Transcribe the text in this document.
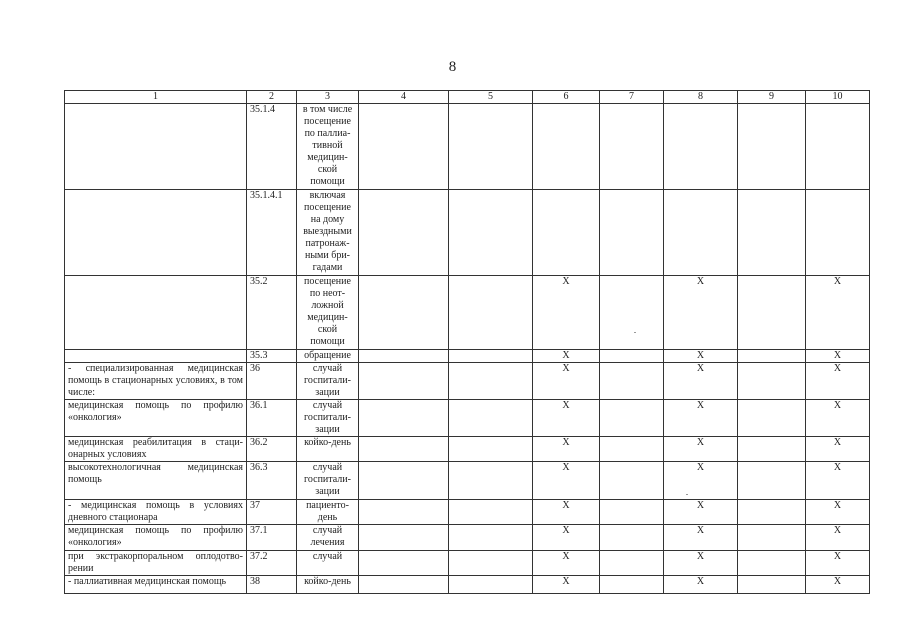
8
1	2	3	4	5	6	7	8	9	10
	35.1.4	в том числе посещение по паллиа-тивной медицин-ской помощи							
	35.1.4.1	включая посещение на дому выездными патронаж-ными бри-гадами							
	35.2	посещение по неот-ложной медицин-ской помощи			Х		Х		Х
	35.3	обращение			Х		Х		Х
- специализированная медицинская помощь в стационарных условиях, в том числе:	36	случай госпитали-зации			Х		Х		Х
медицинская помощь по профилю «онкология»	36.1	случай госпитали-зации			Х		Х		Х
медицинская реабилитация в стаци-онарных условиях	36.2	койко-день			Х		Х		Х
высокотехнологичная медицинская помощь	36.3	случай госпитали-зации			Х		Х		Х
- медицинская помощь в условиях дневного стационара	37	пациенто-день			Х		Х		Х
медицинская помощь по профилю «онкология»	37.1	случай лечения			Х		Х		Х
при экстракорпоральном оплодотво-рении	37.2	случай			Х		Х		Х
- паллиативная медицинская помощь	38	койко-день			Х		Х		Х
